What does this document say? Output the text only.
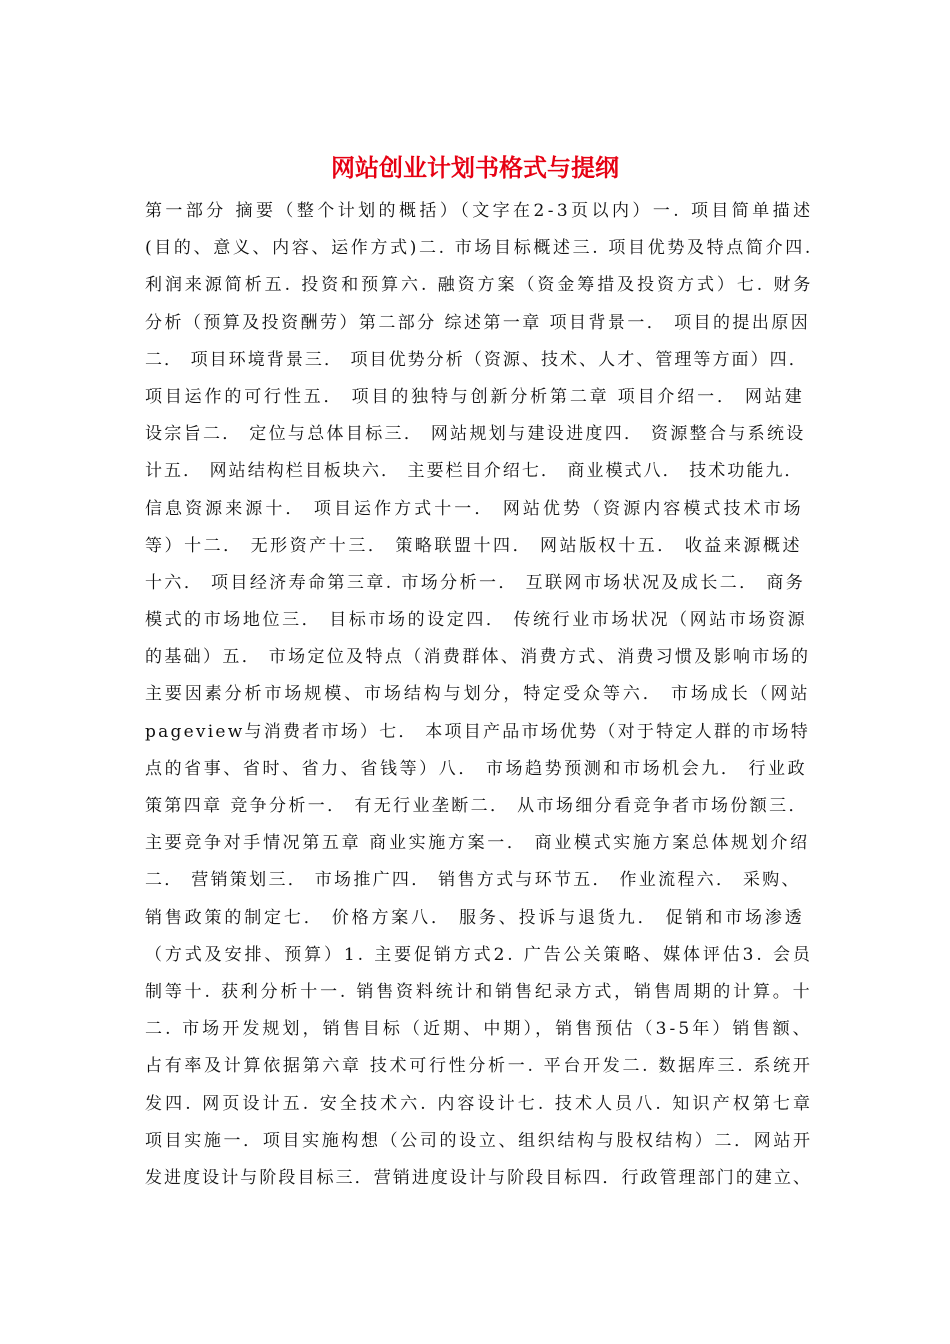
网站创业计划书格式与提纲
第一部分 摘要（整个计划的概括）（文字在2-3页以内）一. 项目简单描述
(目的、意义、内容、运作方式)二. 市场目标概述三. 项目优势及特点简介四.
利润来源简析五. 投资和预算六. 融资方案（资金筹措及投资方式）七. 财务
分析（预算及投资酬劳）第二部分 综述第一章 项目背景一． 项目的提出原因
二． 项目环境背景三． 项目优势分析（资源、技术、人才、管理等方面）四．
项目运作的可行性五． 项目的独特与创新分析第二章 项目介绍一． 网站建
设宗旨二． 定位与总体目标三． 网站规划与建设进度四． 资源整合与系统设
计五． 网站结构栏目板块六． 主要栏目介绍七． 商业模式八． 技术功能九．
信息资源来源十． 项目运作方式十一． 网站优势（资源内容模式技术市场
等）十二． 无形资产十三． 策略联盟十四． 网站版权十五． 收益来源概述
十六． 项目经济寿命第三章. 市场分析一． 互联网市场状况及成长二． 商务
模式的市场地位三． 目标市场的设定四． 传统行业市场状况（网站市场资源
的基础）五． 市场定位及特点（消费群体、消费方式、消费习惯及影响市场的
主要因素分析市场规模、市场结构与划分，特定受众等六． 市场成长（网站
pageview与消费者市场）七． 本项目产品市场优势（对于特定人群的市场特
点的省事、省时、省力、省钱等）八． 市场趋势预测和市场机会九． 行业政
策第四章 竞争分析一． 有无行业垄断二． 从市场细分看竞争者市场份额三．
主要竞争对手情况第五章 商业实施方案一． 商业模式实施方案总体规划介绍
二． 营销策划三． 市场推广四． 销售方式与环节五． 作业流程六． 采购、
销售政策的制定七． 价格方案八． 服务、投诉与退货九． 促销和市场渗透
（方式及安排、预算）1. 主要促销方式2. 广告公关策略、媒体评估3. 会员
制等十. 获利分析十一. 销售资料统计和销售纪录方式，销售周期的计算。十
二. 市场开发规划，销售目标（近期、中期），销售预估（3-5年）销售额、
占有率及计算依据第六章 技术可行性分析一. 平台开发二. 数据库三. 系统开
发四. 网页设计五. 安全技术六. 内容设计七. 技术人员八. 知识产权第七章
项目实施一．项目实施构想（公司的设立、组织结构与股权结构）二．网站开
发进度设计与阶段目标三．营销进度设计与阶段目标四．行政管理部门的建立、
